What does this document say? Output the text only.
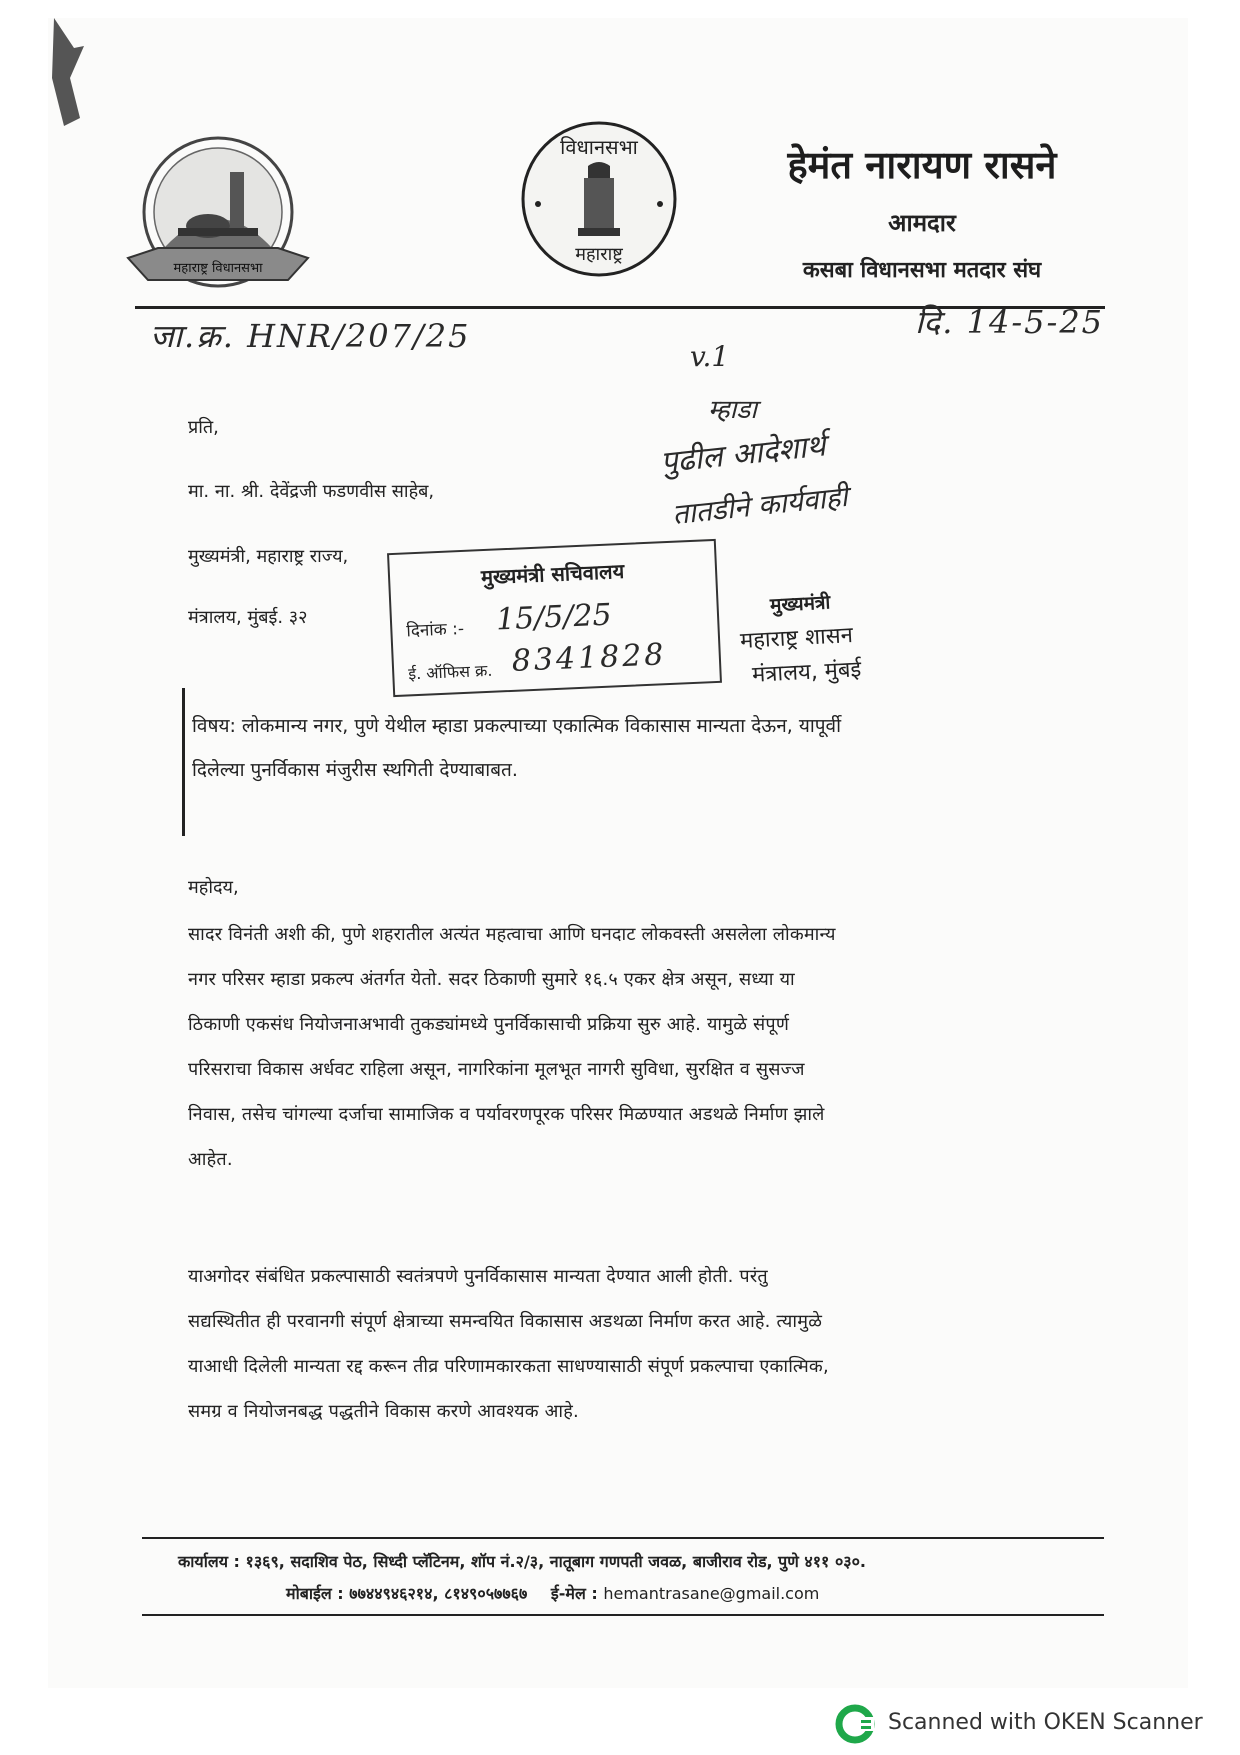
महाराष्ट्र विधानसभा
विधानसभा
महाराष्ट्र
हेमंत नारायण रासने
आमदार
कसबा विधानसभा मतदार संघ
जा.क्र. HNR/207/25	दि. 14-5-25
प्रति,
मा. ना. श्री. देवेंद्रजी फडणवीस साहेब,
मुख्यमंत्री, महाराष्ट्र राज्य,
मंत्रालय, मुंबई. ३२
v.1
म्हाडा
पुढील आदेशार्थ
तातडीने कार्यवाही
मुख्यमंत्री सचिवालय
दिनांक :- 15/5/25
ई. ऑफिस क्र. 8341828
मुख्यमंत्री
महाराष्ट्र शासन
मंत्रालय, मुंबई
विषय: लोकमान्य नगर, पुणे येथील म्हाडा प्रकल्पाच्या एकात्मिक विकासास मान्यता देऊन, यापूर्वी
दिलेल्या पुनर्विकास मंजुरीस स्थगिती देण्याबाबत.
महोदय,
सादर विनंती अशी की, पुणे शहरातील अत्यंत महत्वाचा आणि घनदाट लोकवस्ती असलेला लोकमान्य
नगर परिसर म्हाडा प्रकल्प अंतर्गत येतो. सदर ठिकाणी सुमारे १६.५ एकर क्षेत्र असून, सध्या या
ठिकाणी एकसंध नियोजनाअभावी तुकड्यांमध्ये पुनर्विकासाची प्रक्रिया सुरु आहे. यामुळे संपूर्ण
परिसराचा विकास अर्धवट राहिला असून, नागरिकांना मूलभूत नागरी सुविधा, सुरक्षित व सुसज्ज
निवास, तसेच चांगल्या दर्जाचा सामाजिक व पर्यावरणपूरक परिसर मिळण्यात अडथळे निर्माण झाले
आहेत.
याअगोदर संबंधित प्रकल्पासाठी स्वतंत्रपणे पुनर्विकासास मान्यता देण्यात आली होती. परंतु
सद्यस्थितीत ही परवानगी संपूर्ण क्षेत्राच्या समन्वयित विकासास अडथळा निर्माण करत आहे. त्यामुळे
याआधी दिलेली मान्यता रद्द करून तीव्र परिणामकारकता साधण्यासाठी संपूर्ण प्रकल्पाचा एकात्मिक,
समग्र व नियोजनबद्ध पद्धतीने विकास करणे आवश्यक आहे.
कार्यालय : १३६९, सदाशिव पेठ, सिध्दी प्लॅटिनम, शॉप नं.२/३, नातूबाग गणपती जवळ, बाजीराव रोड, पुणे ४११ ०३०.
मोबाईल : ७७४४९४६२१४, ८१४९०५७७६७ ई-मेल : hemantrasane@gmail.com
Scanned with OKEN Scanner
